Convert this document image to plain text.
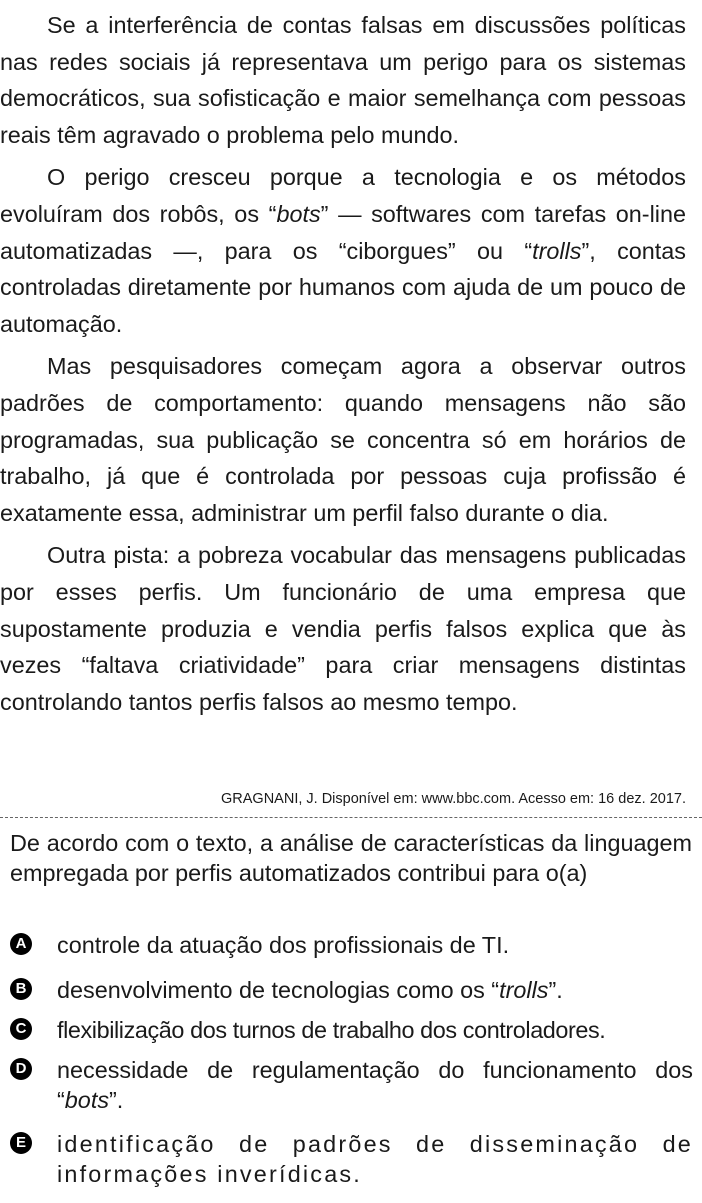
Se a interferência de contas falsas em discussões políticas nas redes sociais já representava um perigo para os sistemas democráticos, sua sofisticação e maior semelhança com pessoas reais têm agravado o problema pelo mundo.

O perigo cresceu porque a tecnologia e os métodos evoluíram dos robôs, os “bots” — softwares com tarefas on-line automatizadas —, para os “ciborgues” ou “trolls”, contas controladas diretamente por humanos com ajuda de um pouco de automação.

Mas pesquisadores começam agora a observar outros padrões de comportamento: quando mensagens não são programadas, sua publicação se concentra só em horários de trabalho, já que é controlada por pessoas cuja profissão é exatamente essa, administrar um perfil falso durante o dia.

Outra pista: a pobreza vocabular das mensagens publicadas por esses perfis. Um funcionário de uma empresa que supostamente produzia e vendia perfis falsos explica que às vezes “faltava criatividade” para criar mensagens distintas controlando tantos perfis falsos ao mesmo tempo.

GRAGNANI, J. Disponível em: www.bbc.com. Acesso em: 16 dez. 2017.
De acordo com o texto, a análise de características da linguagem empregada por perfis automatizados contribui para o(a)
A controle da atuação dos profissionais de TI.
B desenvolvimento de tecnologias como os “trolls”.
C flexibilização dos turnos de trabalho dos controladores.
D necessidade de regulamentação do funcionamento dos “bots”.
E identificação de padrões de disseminação de informações inverídicas.
